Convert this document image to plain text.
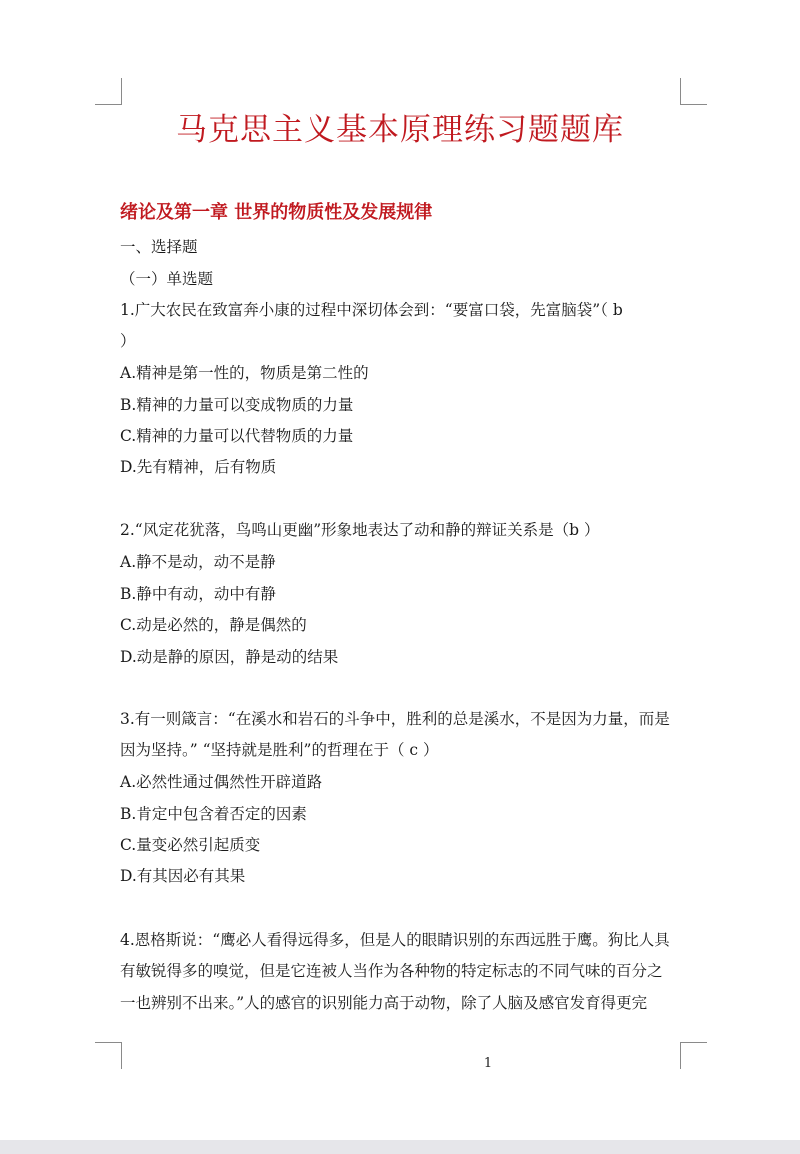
马克思主义基本原理练习题题库
绪论及第一章 世界的物质性及发展规律
一、选择题
（一）单选题
1.广大农民在致富奔小康的过程中深切体会到：“要富口袋，先富脑袋”（ b
）
A.精神是第一性的，物质是第二性的
B.精神的力量可以变成物质的力量
C.精神的力量可以代替物质的力量
D.先有精神，后有物质
2.“风定花犹落，鸟鸣山更幽”形象地表达了动和静的辩证关系是（b ）
A.静不是动，动不是静
B.静中有动，动中有静
C.动是必然的，静是偶然的
D.动是静的原因，静是动的结果
3.有一则箴言：“在溪水和岩石的斗争中，胜利的总是溪水，不是因为力量，而是
因为坚持。” “坚持就是胜利”的哲理在于（ c ）
A.必然性通过偶然性开辟道路
B.肯定中包含着否定的因素
C.量变必然引起质变
D.有其因必有其果
4.恩格斯说：“鹰必人看得远得多，但是人的眼睛识别的东西远胜于鹰。狗比人具
有敏锐得多的嗅觉，但是它连被人当作为各种物的特定标志的不同气味的百分之
一也辨别不出来。”人的感官的识别能力高于动物，除了人脑及感官发育得更完
1
